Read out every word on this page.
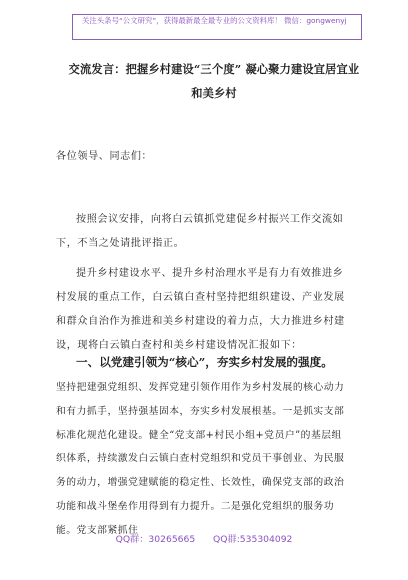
关注头条号“公文研究”，获得最新最全最专业的公文资料库！ 微信：gongwenyj
交流发言：把握乡村建设“三个度” 凝心聚力建设宜居宜业和美乡村
各位领导、同志们：
按照会议安排，向将白云镇抓党建促乡村振兴工作交流如下，不当之处请批评指正。
提升乡村建设水平、提升乡村治理水平是有力有效推进乡村发展的重点工作，白云镇白查村坚持把组织建设、产业发展和群众自治作为推进和美乡村建设的着力点，大力推进乡村建设，现将白云镇白查村和美乡村建设情况汇报如下：
一、以党建引领为“核心”，夯实乡村发展的强度。
坚持把建强党组织、发挥党建引领作用作为乡村发展的核心动力和有力抓手，坚持强基固本，夯实乡村发展根基。一是抓实支部标准化规范化建设。健全“党支部+村民小组+党员户”的基层组织体系，持续激发白云镇白查村党组织和党员干事创业、为民服务的动力，增强党建赋能的稳定性、长效性，确保党支部的政治功能和战斗堡垒作用得到有力提升。二是强化党组织的服务功能。党支部紧抓住
QQ群：30265665 QQ群:535304092
